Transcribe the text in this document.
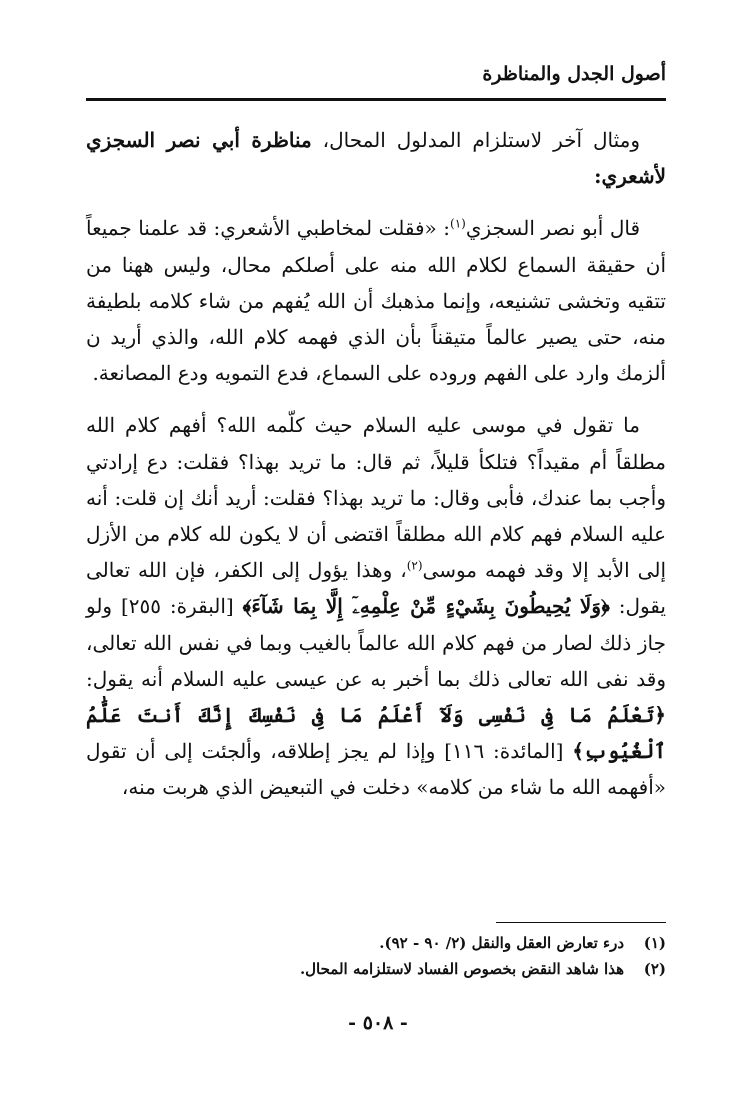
أصول الجدل والمناظرة

ومثال آخر لاستلزام المدلول المحال، مناظرة أبي نصر السجزي لأشعري:

قال أبو نصر السجزي$^{(١)}$: «فقلت لمخاطبي الأشعري: قد علمنا جميعاً أن حقيقة السماع لكلام الله منه على أصلكم محال، وليس ههنا من تتقيه وتخشى تشنيعه، وإنما مذهبك أن الله يُفهم من شاء كلامه بلطيفة منه، حتى يصير عالماً متيقناً بأن الذي فهمه كلام الله، والذي أريد ن ألزمك وارد على الفهم وروده على السماع، فدع التمويه ودع المصانعة.

ما تقول في موسى عليه السلام حيث كلّمه الله؟ أفهم كلام الله مطلقاً أم مقيداً؟ فتلكأ قليلاً، ثم قال: ما تريد بهذا؟ فقلت: دع إرادتي وأجب بما عندك، فأبى وقال: ما تريد بهذا؟ فقلت: أريد أنك إن قلت: أنه عليه السلام فهم كلام الله مطلقاً اقتضى أن لا يكون لله كلام من الأزل إلى الأبد إلا وقد فهمه موسى$^{(٢)}$، وهذا يؤول إلى الكفر، فإن الله تعالى يقول: ﴿وَلَا يُحِيطُونَ بِشَيْءٍ مِّنْ عِلْمِهِۦٓ إِلَّا بِمَا شَآءَ﴾ [البقرة: ٢٥٥] ولو جاز ذلك لصار من فهم كلام الله عالماً بالغيب وبما في نفس الله تعالى، وقد نفى الله تعالى ذلك بما أخبر به عن عيسى عليه السلام أنه يقول: ﴿تَعْلَمُ مَا فِى نَفْسِى وَلَآ أَعْلَمُ مَا فِى نَفْسِكَ إِنَّكَ أَنتَ عَلَّٰمُ ٱلْغُيُوبِ﴾ [المائدة: ١١٦] وإذا لم يجز إطلاقه، وألجئت إلى أن تقول «أفهمه الله ما شاء من كلامه» دخلت في التبعيض الذي هربت منه،

(١)
درء تعارض العقل والنقل (٢/ ٩٠ - ٩٢).
(٢)
هذا شاهد النقض بخصوص الفساد لاستلزامه المحال.
- ٥٠٨ -
